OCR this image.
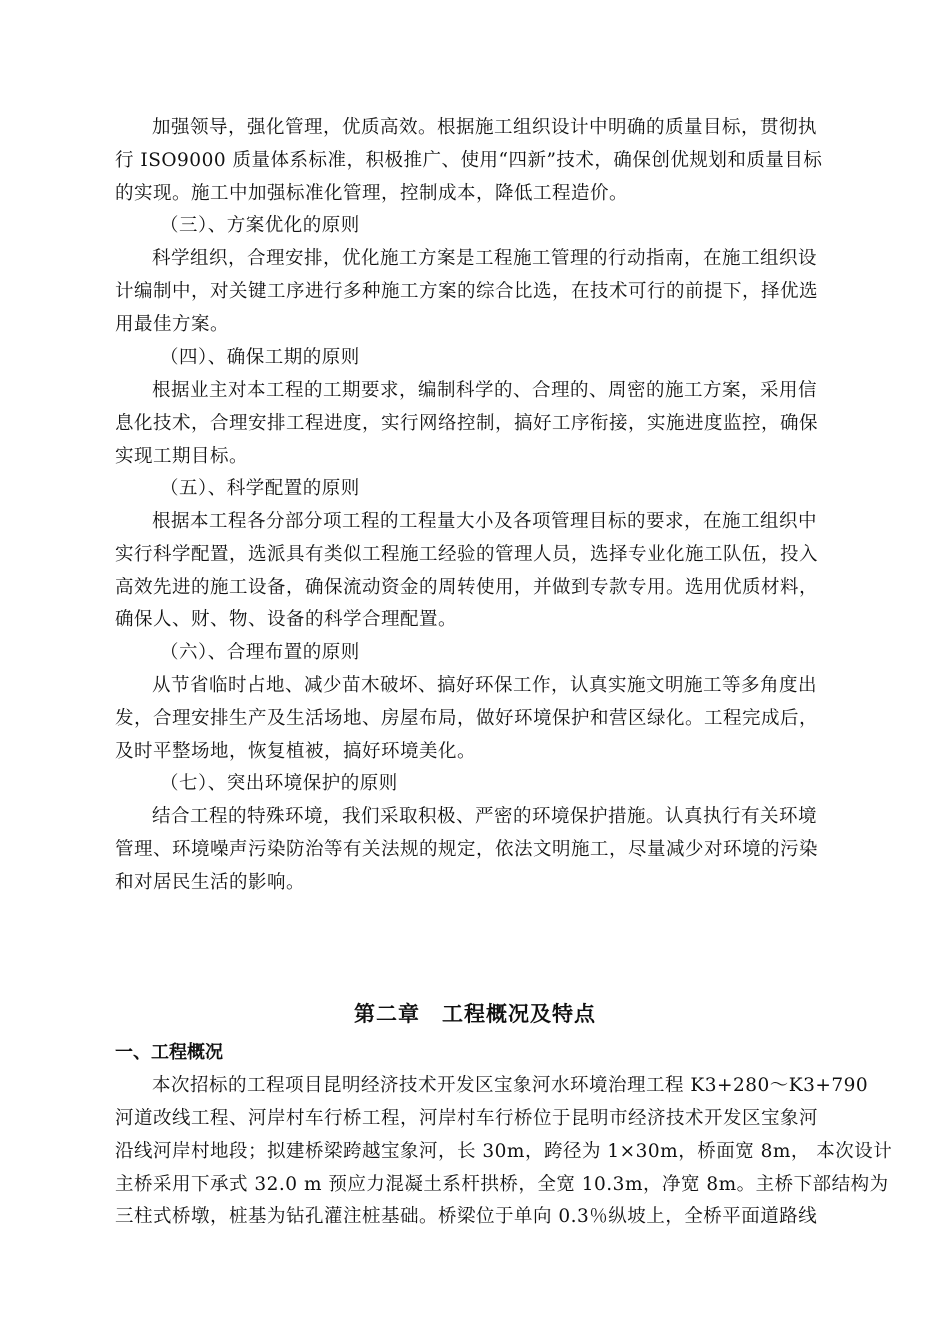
加强领导，强化管理，优质高效。根据施工组织设计中明确的质量目标，贯彻执
行 ISO9000 质量体系标准，积极推广、使用“四新”技术，确保创优规划和质量目标
的实现。施工中加强标准化管理，控制成本，降低工程造价。
（三）、方案优化的原则
科学组织，合理安排，优化施工方案是工程施工管理的行动指南，在施工组织设
计编制中，对关键工序进行多种施工方案的综合比选，在技术可行的前提下，择优选
用最佳方案。
（四）、确保工期的原则
根据业主对本工程的工期要求，编制科学的、合理的、周密的施工方案，采用信
息化技术，合理安排工程进度，实行网络控制，搞好工序衔接，实施进度监控，确保
实现工期目标。
（五）、科学配置的原则
根据本工程各分部分项工程的工程量大小及各项管理目标的要求，在施工组织中
实行科学配置，选派具有类似工程施工经验的管理人员，选择专业化施工队伍，投入
高效先进的施工设备，确保流动资金的周转使用，并做到专款专用。选用优质材料，
确保人、财、物、设备的科学合理配置。
（六）、合理布置的原则
从节省临时占地、减少苗木破坏、搞好环保工作，认真实施文明施工等多角度出
发，合理安排生产及生活场地、房屋布局，做好环境保护和营区绿化。工程完成后，
及时平整场地，恢复植被，搞好环境美化。
（七）、突出环境保护的原则
结合工程的特殊环境，我们采取积极、严密的环境保护措施。认真执行有关环境
管理、环境噪声污染防治等有关法规的规定，依法文明施工，尽量减少对环境的污染
和对居民生活的影响。
第二章　工程概况及特点
一、工程概况
本次招标的工程项目昆明经济技术开发区宝象河水环境治理工程 K3+280～K3+790
河道改线工程、河岸村车行桥工程，河岸村车行桥位于昆明市经济技术开发区宝象河
沿线河岸村地段；拟建桥梁跨越宝象河，长 30m，跨径为 1×30m，桥面宽 8m， 本次设计
主桥采用下承式 32.0 m 预应力混凝土系杆拱桥，全宽 10.3m，净宽 8m。主桥下部结构为
三柱式桥墩，桩基为钻孔灌注桩基础。桥梁位于单向 0.3％纵坡上，全桥平面道路线
